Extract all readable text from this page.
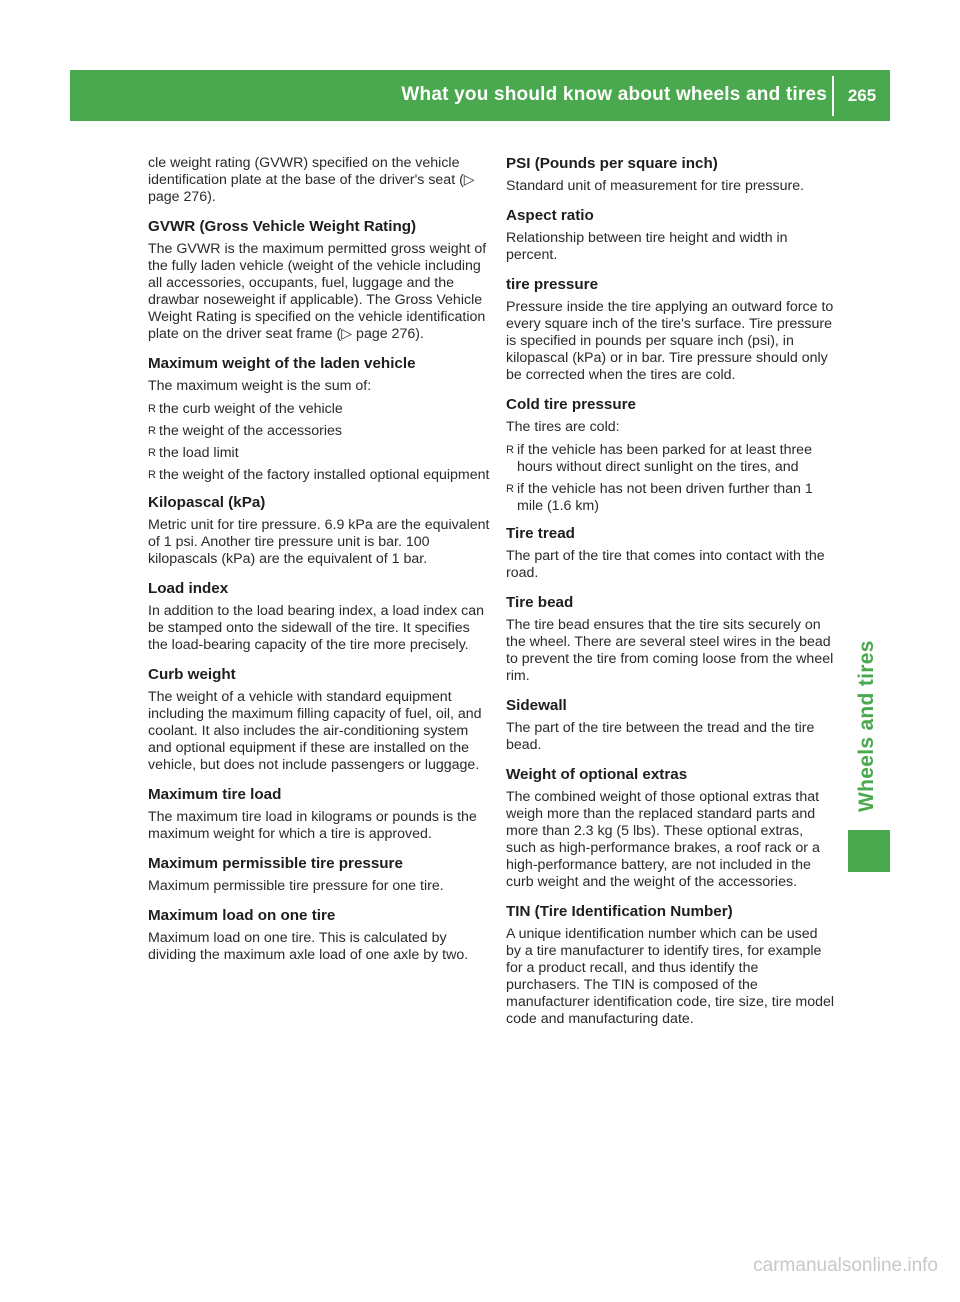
What you should know about wheels and tires	265
Wheels and tires

cle weight rating (GVWR) specified on the vehicle identification plate at the base of the driver's seat (▷ page 276).

GVWR (Gross Vehicle Weight Rating)

The GVWR is the maximum permitted gross weight of the fully laden vehicle (weight of the vehicle including all accessories, occupants, fuel, luggage and the drawbar noseweight if applicable). The Gross Vehicle Weight Rating is specified on the vehicle identification plate on the driver seat frame (▷ page 276).

Maximum weight of the laden vehicle

The maximum weight is the sum of:

R the curb weight of the vehicle
R the weight of the accessories
R the load limit
R the weight of the factory installed optional equipment
Kilopascal (kPa)

Metric unit for tire pressure. 6.9 kPa are the equivalent of 1 psi. Another tire pressure unit is bar. 100 kilopascals (kPa) are the equivalent of 1 bar.

Load index

In addition to the load bearing index, a load index can be stamped onto the sidewall of the tire. It specifies the load-bearing capacity of the tire more precisely.

Curb weight

The weight of a vehicle with standard equipment including the maximum filling capacity of fuel, oil, and coolant. It also includes the air-conditioning system and optional equipment if these are installed on the vehicle, but does not include passengers or luggage.

Maximum tire load

The maximum tire load in kilograms or pounds is the maximum weight for which a tire is approved.

Maximum permissible tire pressure

Maximum permissible tire pressure for one tire.

Maximum load on one tire

Maximum load on one tire. This is calculated by dividing the maximum axle load of one axle by two.

PSI (Pounds per square inch)

Standard unit of measurement for tire pressure.

Aspect ratio

Relationship between tire height and width in percent.

tire pressure

Pressure inside the tire applying an outward force to every square inch of the tire's surface. Tire pressure is specified in pounds per square inch (psi), in kilopascal (kPa) or in bar. Tire pressure should only be corrected when the tires are cold.

Cold tire pressure

The tires are cold:

R if the vehicle has been parked for at least three hours without direct sunlight on the tires, and
R if the vehicle has not been driven further than 1 mile (1.6 km)
Tire tread

The part of the tire that comes into contact with the road.

Tire bead

The tire bead ensures that the tire sits securely on the wheel. There are several steel wires in the bead to prevent the tire from coming loose from the wheel rim.

Sidewall

The part of the tire between the tread and the tire bead.

Weight of optional extras

The combined weight of those optional extras that weigh more than the replaced standard parts and more than 2.3 kg (5 lbs). These optional extras, such as high-performance brakes, a roof rack or a high-performance battery, are not included in the curb weight and the weight of the accessories.

TIN (Tire Identification Number)

A unique identification number which can be used by a tire manufacturer to identify tires, for example for a product recall, and thus identify the purchasers. The TIN is composed of the manufacturer identification code, tire size, tire model code and manufacturing date.

carmanualsonline.info
